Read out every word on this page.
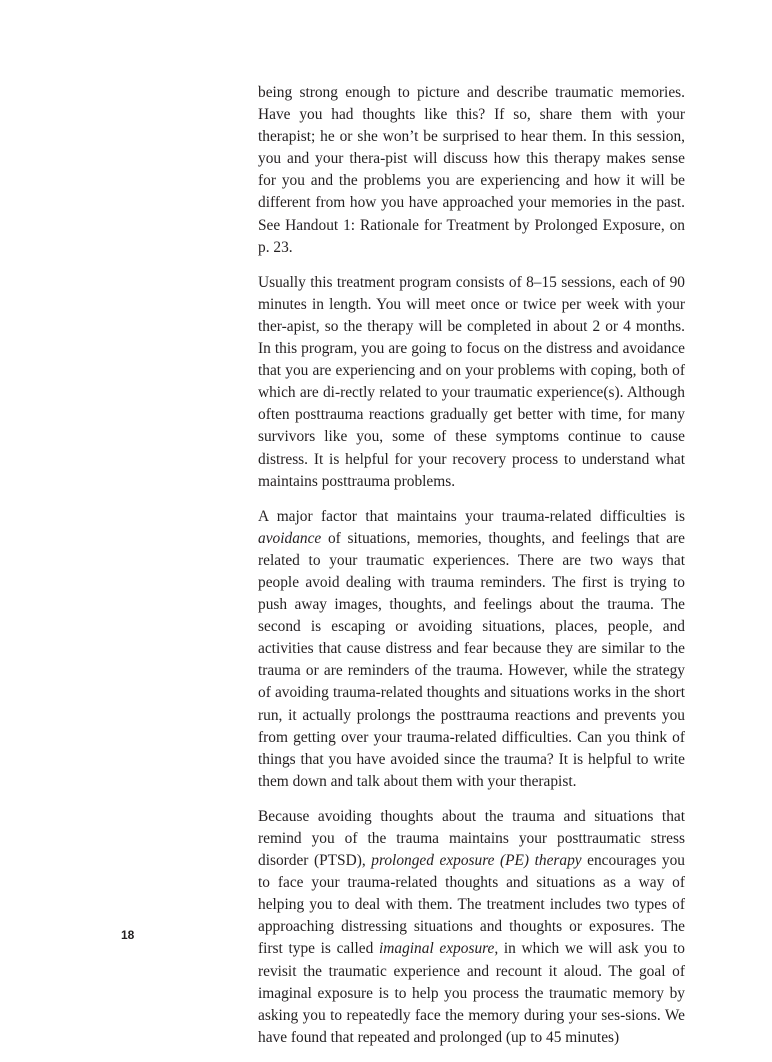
being strong enough to picture and describe traumatic memories. Have you had thoughts like this? If so, share them with your therapist; he or she won’t be surprised to hear them. In this session, you and your thera-pist will discuss how this therapy makes sense for you and the problems you are experiencing and how it will be different from how you have approached your memories in the past. See Handout 1: Rationale for Treatment by Prolonged Exposure, on p. 23.

Usually this treatment program consists of 8–15 sessions, each of 90 minutes in length. You will meet once or twice per week with your ther-apist, so the therapy will be completed in about 2 or 4 months. In this program, you are going to focus on the distress and avoidance that you are experiencing and on your problems with coping, both of which are di-rectly related to your traumatic experience(s). Although often posttrauma reactions gradually get better with time, for many survivors like you, some of these symptoms continue to cause distress. It is helpful for your recovery process to understand what maintains posttrauma problems.

A major factor that maintains your trauma-related difficulties is avoidance of situations, memories, thoughts, and feelings that are related to your traumatic experiences. There are two ways that people avoid dealing with trauma reminders. The first is trying to push away images, thoughts, and feelings about the trauma. The second is escaping or avoiding situations, places, people, and activities that cause distress and fear because they are similar to the trauma or are reminders of the trauma. However, while the strategy of avoiding trauma-related thoughts and situations works in the short run, it actually prolongs the posttrauma reactions and prevents you from getting over your trauma-related difficulties. Can you think of things that you have avoided since the trauma? It is helpful to write them down and talk about them with your therapist.

Because avoiding thoughts about the trauma and situations that remind you of the trauma maintains your posttraumatic stress disorder (PTSD), prolonged exposure (PE) therapy encourages you to face your trauma-related thoughts and situations as a way of helping you to deal with them. The treatment includes two types of approaching distressing situations and thoughts or exposures. The first type is called imaginal exposure, in which we will ask you to revisit the traumatic experience and recount it aloud. The goal of imaginal exposure is to help you process the traumatic memory by asking you to repeatedly face the memory during your ses-sions. We have found that repeated and prolonged (up to 45 minutes)

18
